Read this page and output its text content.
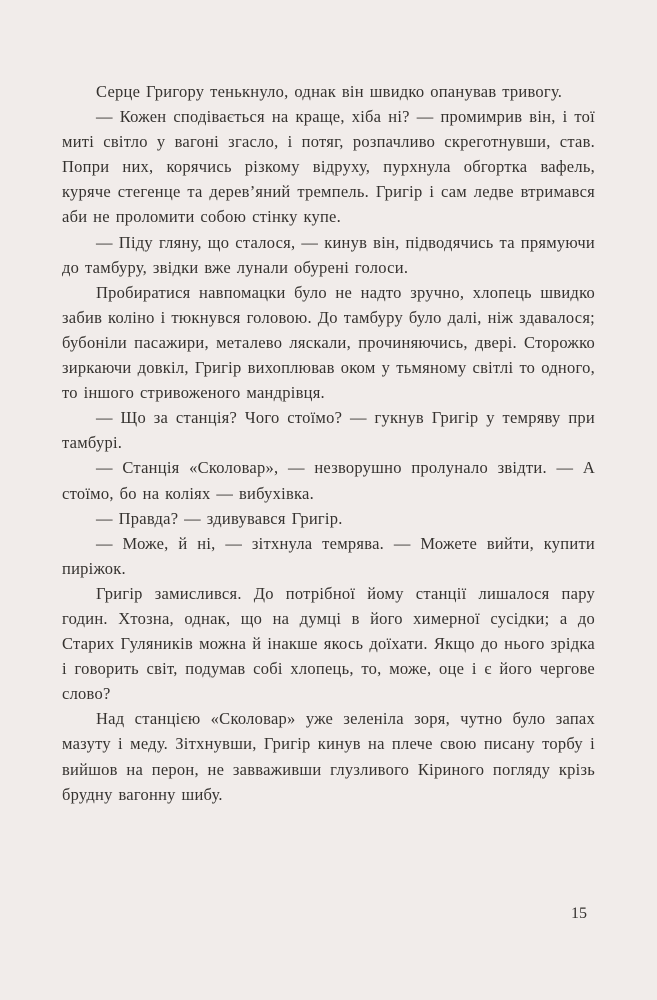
Серце Григору тенькнуло, однак він швидко опанував тривогу.

— Кожен сподівається на краще, хіба ні? — промимрив він, і тої миті світло у вагоні згасло, і потяг, розпачливо скреготнувши, став. Попри них, корячись різкому відруху, пурхнула обгортка вафель, куряче стегенце та дерев’яний тремпель. Григір і сам ледве втримався аби не проломити собою стінку купе.

— Піду гляну, що сталося, — кинув він, підводячись та прямуючи до тамбуру, звідки вже лунали обурені голоси.

Пробиратися навпомацки було не надто зручно, хлопець швидко забив коліно і тюкнувся головою. До тамбуру було далі, ніж здавалося; бубоніли пасажири, металево ляскали, прочиняючись, двері. Сторожко зиркаючи довкіл, Григір вихоплював оком у тьмяному світлі то одного, то іншого стривоженого мандрівця.

— Що за станція? Чого стоїмо? — гукнув Григір у темряву при тамбурі.

— Станція «Сколовар», — незворушно пролунало звідти. — А стоїмо, бо на коліях — вибухівка.

— Правда? — здивувався Григір.

— Може, й ні, — зітхнула темрява. — Можете вийти, купити пиріжок.

Григір замислився. До потрібної йому станції лишалося пару годин. Хтозна, однак, що на думці в його химерної сусідки; а до Старих Гуляників можна й інакше якось доїхати. Якщо до нього зрідка і говорить світ, подумав собі хлопець, то, може, оце і є його чергове слово?

Над станцією «Сколовар» уже зеленіла зоря, чутно було запах мазуту і меду. Зітхнувши, Григір кинув на плече свою писану торбу і вийшов на перон, не завваживши глузливого Кіриного погляду крізь брудну вагонну шибу.

15
